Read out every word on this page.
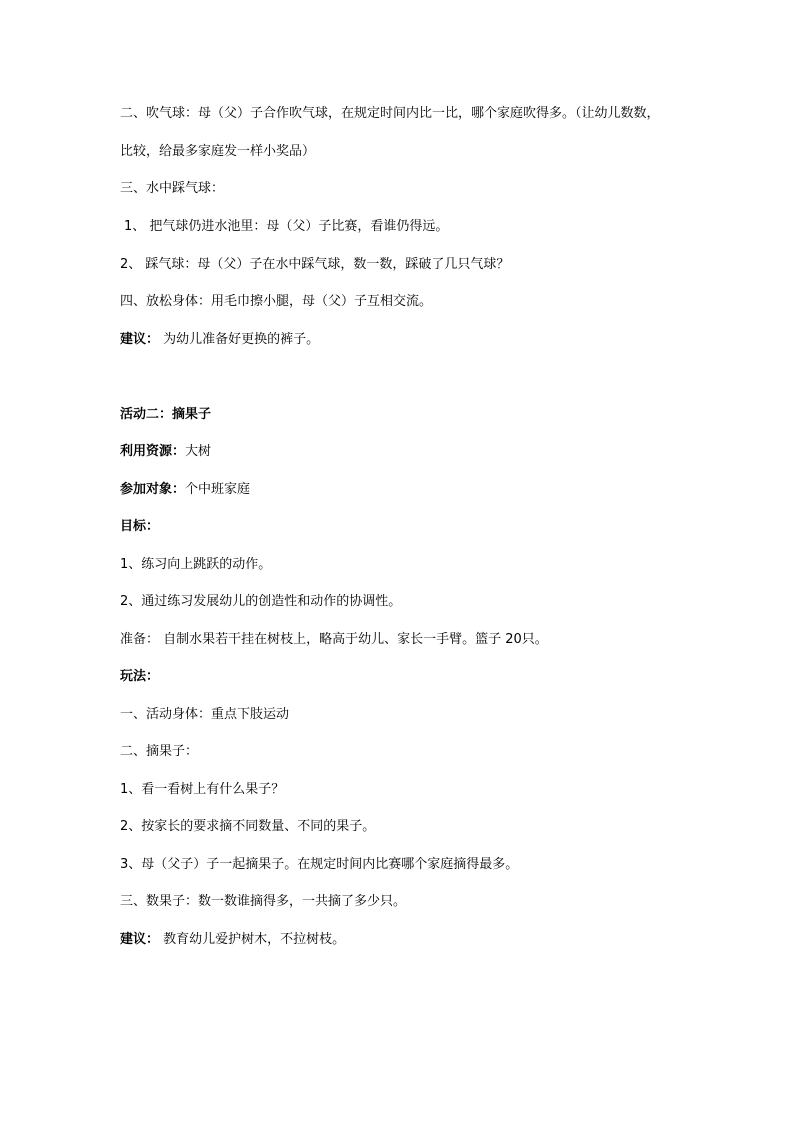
二、吹气球：母（父）子合作吹气球，在规定时间内比一比，哪个家庭吹得多。（让幼儿数数，
比较，给最多家庭发一样小奖品）
三、水中踩气球：
1、 把气球仍进水池里：母（父）子比赛，看谁仍得远。
2、 踩气球：母（父）子在水中踩气球，数一数，踩破了几只气球？
四、放松身体：用毛巾擦小腿，母（父）子互相交流。
建议： 为幼儿准备好更换的裤子。
活动二：摘果子
利用资源：大树
参加对象：个中班家庭
目标：
1、练习向上跳跃的动作。
2、通过练习发展幼儿的创造性和动作的协调性。
准备： 自制水果若干挂在树枝上，略高于幼儿、家长一手臂。篮子 20只。
玩法：
一、活动身体：重点下肢运动
二、摘果子：
1、看一看树上有什么果子？
2、按家长的要求摘不同数量、不同的果子。
3、母（父子）子一起摘果子。在规定时间内比赛哪个家庭摘得最多。
三、数果子：数一数谁摘得多，一共摘了多少只。
建议： 教育幼儿爱护树木，不拉树枝。
